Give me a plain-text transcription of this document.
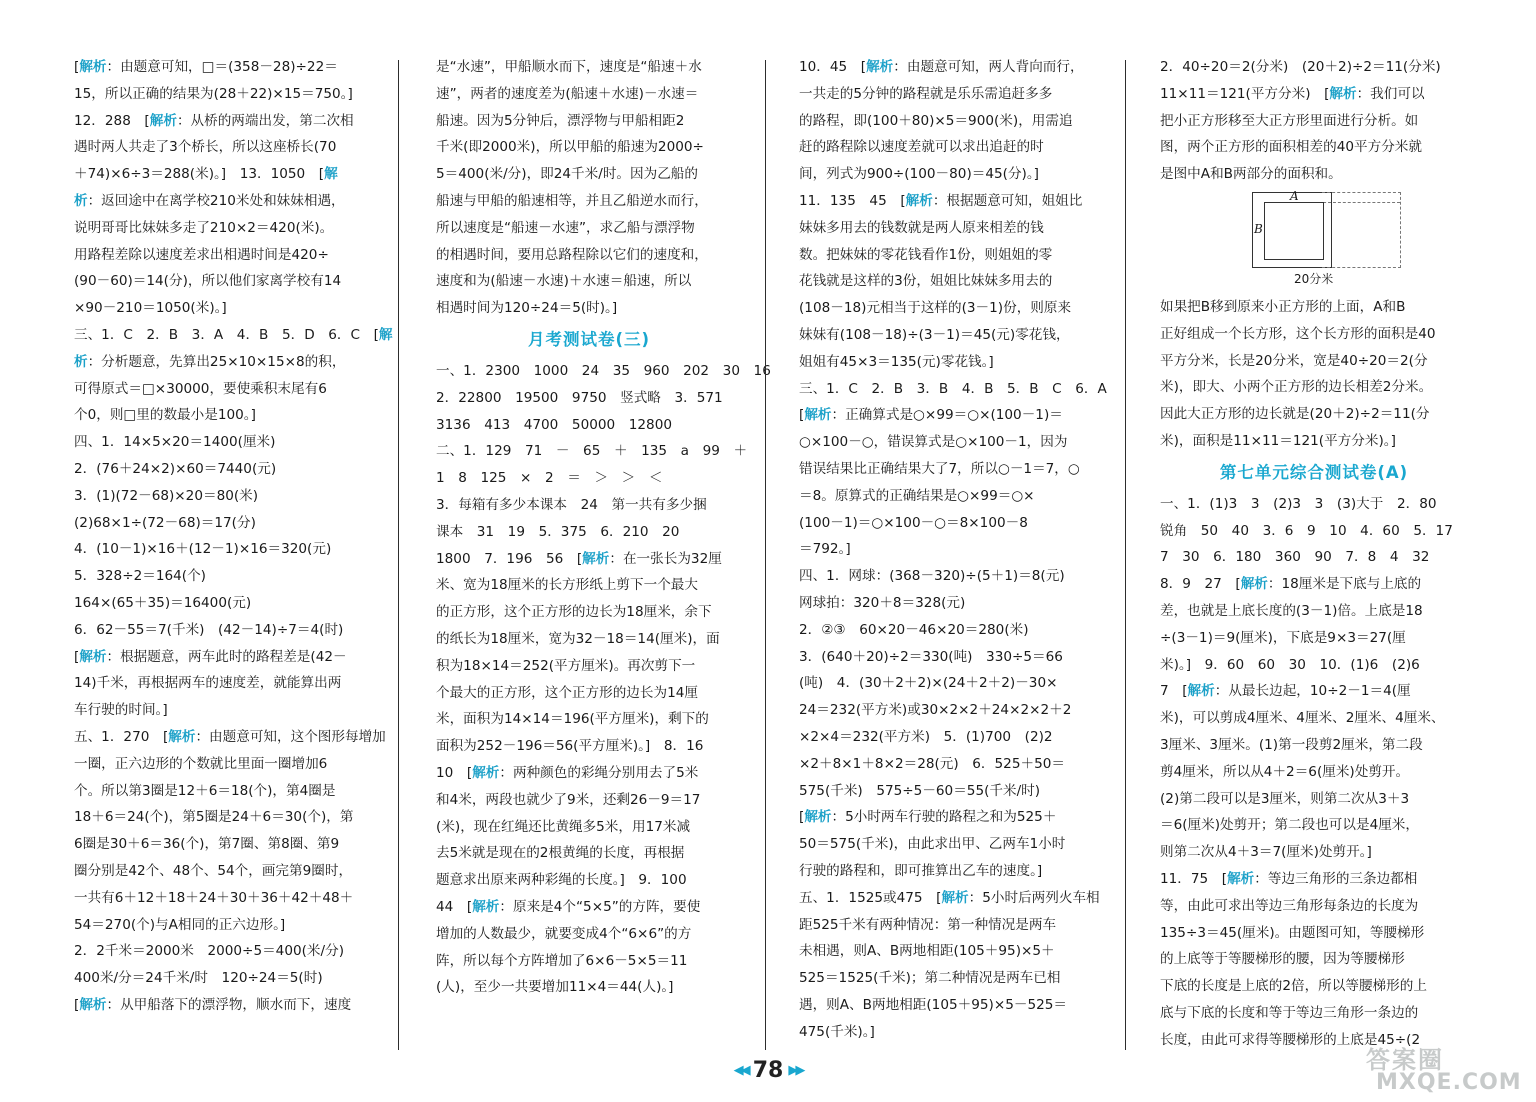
[解析：由题意可知，□＝(358－28)÷22＝
15，所以正确的结果为(28＋22)×15＝750。]
12．288　[解析：从桥的两端出发，第二次相
遇时两人共走了3个桥长，所以这座桥长(70
＋74)×6÷3＝288(米)。]　13．1050　[解
析：返回途中在离学校210米处和妹妹相遇，
说明哥哥比妹妹多走了210×2＝420(米)。
用路程差除以速度差求出相遇时间是420÷
(90－60)＝14(分)，所以他们家离学校有14
×90－210＝1050(米)。]
三、1．C　2．B　3．A　4．B　5．D　6．C　[解
析：分析题意，先算出25×10×15×8的积，
可得原式＝□×30000，要使乘积末尾有6
个0，则□里的数最小是100。]
四、1．14×5×20＝1400(厘米)
2．(76＋24×2)×60＝7440(元)
3．(1)(72－68)×20＝80(米)
(2)68×1÷(72－68)＝17(分)
4．(10－1)×16＋(12－1)×16＝320(元)
5．328÷2＝164(个)
164×(65＋35)＝16400(元)
6．62－55＝7(千米)　(42－14)÷7＝4(时)
[解析：根据题意，两车此时的路程差是(42－
14)千米，再根据两车的速度差，就能算出两
车行驶的时间。]
五、1．270　[解析：由题意可知，这个图形每增加
一圈，正六边形的个数就比里面一圈增加6
个。所以第3圈是12＋6＝18(个)，第4圈是
18＋6＝24(个)，第5圈是24＋6＝30(个)，第
6圈是30＋6＝36(个)，第7圈、第8圈、第9
圈分别是42个、48个、54个，画完第9圈时，
一共有6＋12＋18＋24＋30＋36＋42＋48＋
54＝270(个)与A相同的正六边形。]
2．2千米＝2000米　2000÷5＝400(米/分)
400米/分＝24千米/时　120÷24＝5(时)
[解析：从甲船落下的漂浮物，顺水而下，速度
是“水速”，甲船顺水而下，速度是“船速＋水
速”，两者的速度差为(船速＋水速)－水速＝
船速。因为5分钟后，漂浮物与甲船相距2
千米(即2000米)，所以甲船的船速为2000÷
5＝400(米/分)，即24千米/时。因为乙船的
船速与甲船的船速相等，并且乙船逆水而行，
所以速度是“船速－水速”，求乙船与漂浮物
的相遇时间，要用总路程除以它们的速度和，
速度和为(船速－水速)＋水速＝船速，所以
相遇时间为120÷24＝5(时)。]
月考测试卷(三)
一、1．2300　1000　24　35　960　202　30　16
2．22800　19500　9750　竖式略　3．571
3136　413　4700　50000　12800
二、1．129　71　－　65　＋　135　a　99　＋
1　8　125　×　2　＝　＞　＞　＜
3．每箱有多少本课本　24　第一共有多少捆
课本　31　19　5．375　6．210　20
1800　7．196　56　[解析：在一张长为32厘
米、宽为18厘米的长方形纸上剪下一个最大
的正方形，这个正方形的边长为18厘米，余下
的纸长为18厘米，宽为32－18＝14(厘米)，面
积为18×14＝252(平方厘米)。再次剪下一
个最大的正方形，这个正方形的边长为14厘
米，面积为14×14＝196(平方厘米)，剩下的
面积为252－196＝56(平方厘米)。]　8．16
10　[解析：两种颜色的彩绳分别用去了5米
和4米，两段也就少了9米，还剩26－9＝17
(米)，现在红绳还比黄绳多5米，用17米减
去5米就是现在的2根黄绳的长度，再根据
题意求出原来两种彩绳的长度。]　9．100
44　[解析：原来是4个“5×5”的方阵，要使
增加的人数最少，就要变成4个“6×6”的方
阵，所以每个方阵增加了6×6－5×5＝11
(人)，至少一共要增加11×4＝44(人)。]
10．45　[解析：由题意可知，两人背向而行，
一共走的5分钟的路程就是乐乐需追赶多多
的路程，即(100＋80)×5＝900(米)，用需追
赶的路程除以速度差就可以求出追赶的时
间，列式为900÷(100－80)＝45(分)。]
11．135　45　[解析：根据题意可知，姐姐比
妹妹多用去的钱数就是两人原来相差的钱
数。把妹妹的零花钱看作1份，则姐姐的零
花钱就是这样的3份，姐姐比妹妹多用去的
(108－18)元相当于这样的(3－1)份，则原来
妹妹有(108－18)÷(3－1)＝45(元)零花钱，
姐姐有45×3＝135(元)零花钱。]
三、1．C　2．B　3．B　4．B　5．B　C　6．A
[解析：正确算式是○×99＝○×(100－1)＝
○×100－○，错误算式是○×100－1，因为
错误结果比正确结果大了7，所以○－1＝7，○
＝8。原算式的正确结果是○×99＝○×
(100－1)＝○×100－○＝8×100－8
＝792。]
四、1．网球：(368－320)÷(5＋1)＝8(元)
网球拍：320＋8＝328(元)
2．②③　60×20－46×20＝280(米)
3．(640＋20)÷2＝330(吨)　330÷5＝66
(吨)　4．(30＋2＋2)×(24＋2＋2)－30×
24＝232(平方米)或30×2×2＋24×2×2＋2
×2×4＝232(平方米)　5．(1)700　(2)2
×2＋8×1＋8×2＝28(元)　6．525＋50＝
575(千米)　575÷5－60＝55(千米/时)
[解析：5小时两车行驶的路程之和为525＋
50＝575(千米)，由此求出甲、乙两车1小时
行驶的路程和，即可推算出乙车的速度。]
五、1．1525或475　[解析：5小时后两列火车相
距525千米有两种情况：第一种情况是两车
未相遇，则A、B两地相距(105＋95)×5＋
525＝1525(千米)；第二种情况是两车已相
遇，则A、B两地相距(105＋95)×5－525＝
475(千米)。]
2．40÷20＝2(分米)　(20＋2)÷2＝11(分米)
11×11＝121(平方分米)　[解析：我们可以
把小正方形移至大正方形里面进行分析。如
图，两个正方形的面积相差的40平方分米就
是图中A和B两部分的面积和。
A
B
20分米
如果把B移到原来小正方形的上面，A和B
正好组成一个长方形，这个长方形的面积是40
平方分米，长是20分米，宽是40÷20＝2(分
米)，即大、小两个正方形的边长相差2分米。
因此大正方形的边长就是(20＋2)÷2＝11(分
米)，面积是11×11＝121(平方分米)。]
第七单元综合测试卷(A)
一、1．(1)3　3　(2)3　3　(3)大于　2．80
锐角　50　40　3．6　9　10　4．60　5．17
7　30　6．180　360　90　7．8　4　32
8．9　27　[解析：18厘米是下底与上底的
差，也就是上底长度的(3－1)倍。上底是18
÷(3－1)＝9(厘米)，下底是9×3＝27(厘
米)。]　9．60　60　30　10．(1)6　(2)6
7　[解析：从最长边起，10÷2－1＝4(厘
米)，可以剪成4厘米、4厘米、2厘米、4厘米、
3厘米、3厘米。(1)第一段剪2厘米，第二段
剪4厘米，所以从4＋2＝6(厘米)处剪开。
(2)第二段可以是3厘米，则第二次从3＋3
＝6(厘米)处剪开；第二段也可以是4厘米，
则第二次从4＋3＝7(厘米)处剪开。]
11．75　[解析：等边三角形的三条边都相
等，由此可求出等边三角形每条边的长度为
135÷3＝45(厘米)。由题图可知，等腰梯形
的上底等于等腰梯形的腰，因为等腰梯形
下底的长度是上底的2倍，所以等腰梯形的上
底与下底的长度和等于等边三角形一条边的
长度，由此可求得等腰梯形的上底是45÷(2
◀◀ 78 ▶▶	答案圈
MXQE.COM
